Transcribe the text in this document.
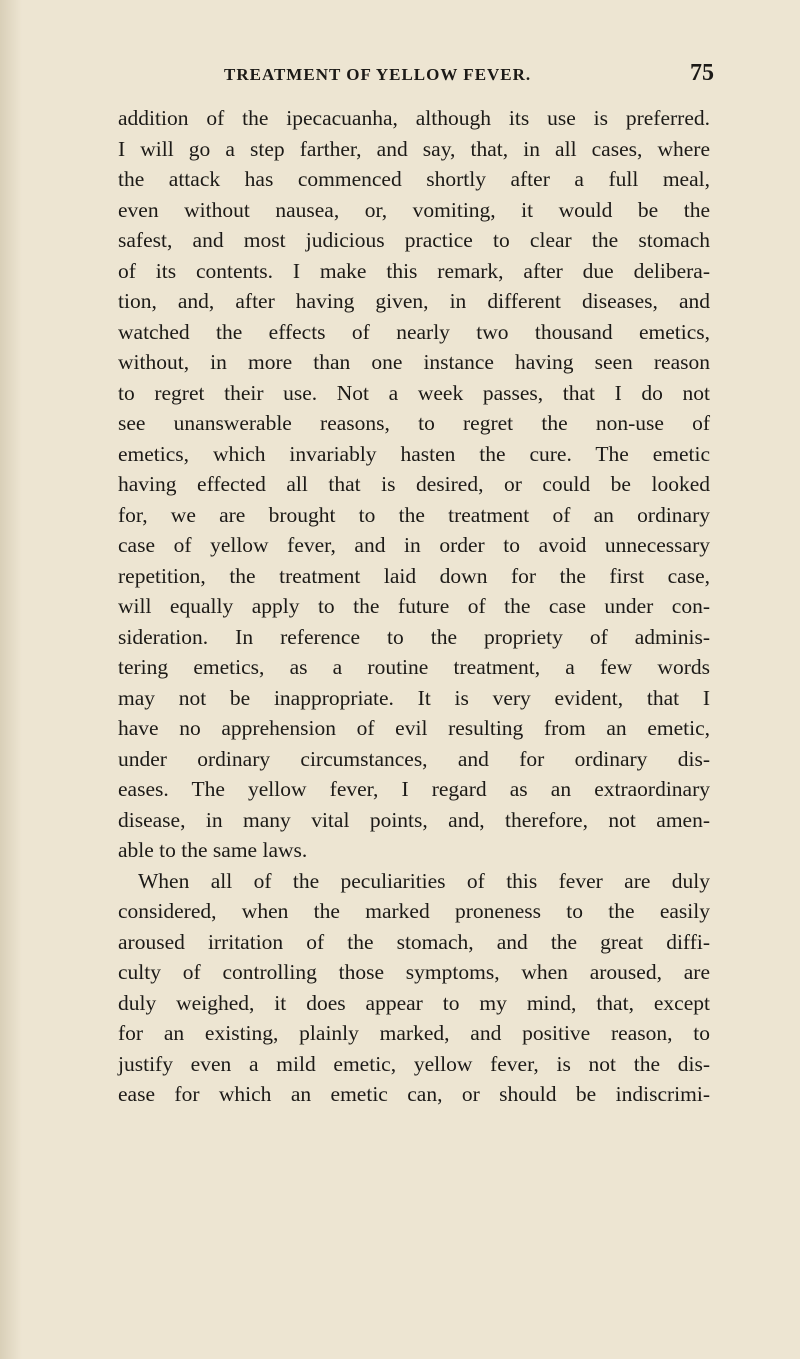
TREATMENT OF YELLOW FEVER.	75
addition of the ipecacuanha, although its use is preferred.
I will go a step farther, and say, that, in all cases, where
the attack has commenced shortly after a full meal,
even without nausea, or, vomiting, it would be the
safest, and most judicious practice to clear the stomach
of its contents. I make this remark, after due delibera-
tion, and, after having given, in different diseases, and
watched the effects of nearly two thousand emetics,
without, in more than one instance having seen reason
to regret their use. Not a week passes, that I do not
see unanswerable reasons, to regret the non-use of
emetics, which invariably hasten the cure. The emetic
having effected all that is desired, or could be looked
for, we are brought to the treatment of an ordinary
case of yellow fever, and in order to avoid unnecessary
repetition, the treatment laid down for the first case,
will equally apply to the future of the case under con-
sideration. In reference to the propriety of adminis-
tering emetics, as a routine treatment, a few words
may not be inappropriate. It is very evident, that I
have no apprehension of evil resulting from an emetic,
under ordinary circumstances, and for ordinary dis-
eases. The yellow fever, I regard as an extraordinary
disease, in many vital points, and, therefore, not amen-
able to the same laws.
When all of the peculiarities of this fever are duly
considered, when the marked proneness to the easily
aroused irritation of the stomach, and the great diffi-
culty of controlling those symptoms, when aroused, are
duly weighed, it does appear to my mind, that, except
for an existing, plainly marked, and positive reason, to
justify even a mild emetic, yellow fever, is not the dis-
ease for which an emetic can, or should be indiscrimi-
